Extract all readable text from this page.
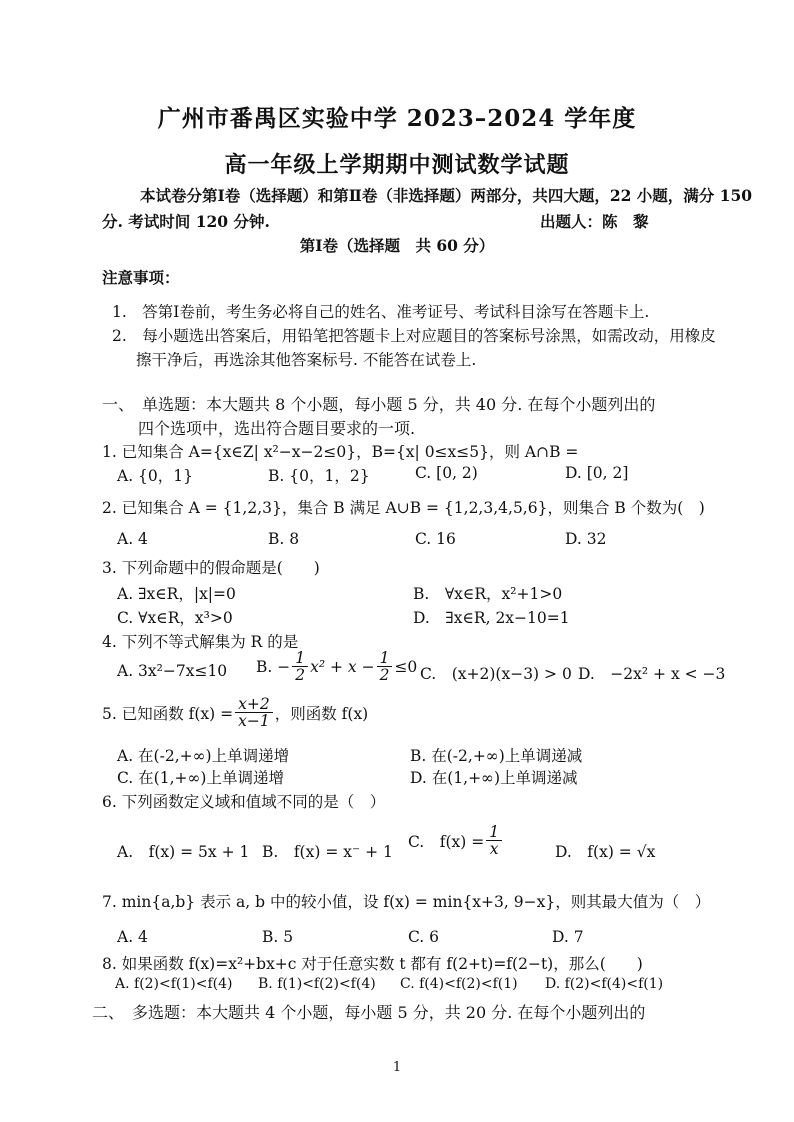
广州市番禺区实验中学 2023–2024 学年度
高一年级上学期期中测试数学试题
本试卷分第Ⅰ卷（选择题）和第Ⅱ卷（非选择题）两部分，共四大题，22 小题，满分 150
分. 考试时间 120 分钟.	出题人：陈　黎
第Ⅰ卷（选择题　共 60 分）
注意事项：
1.　答第Ⅰ卷前，考生务必将自己的姓名、准考证号、考试科目涂写在答题卡上.
2.　每小题选出答案后，用铅笔把答题卡上对应题目的答案标号涂黑，如需改动，用橡皮
擦干净后，再选涂其他答案标号. 不能答在试卷上.
一、　单选题：本大题共 8 个小题，每小题 5 分，共 40 分. 在每个小题列出的
四个选项中，选出符合题目要求的一项.
1. 已知集合 A={x∈Z| x²−x−2≤0}，B={x| 0≤x≤5}，则 A∩B =
A. {0，1}	B. {0，1，2}	C. [0, 2)	D. [0, 2]
2. 已知集合 A = {1,2,3}，集合 B 满足 A∪B = {1,2,3,4,5,6}，则集合 B 个数为(　)
A. 4	B. 8	C. 16	D. 32
3. 下列命题中的假命题是(　　)
A. ∃x∈R，|x|=0	B.　∀x∈R，x²+1>0
C. ∀x∈R，x³>0	D.　∃x∈R, 2x−10=1
4. 下列不等式解集为 R 的是
A. 3x²−7x≤10 B. − $\frac{1}{2} x^2 + x - \frac{1}{2} \le 0$ C.　(x+2)(x−3) > 0 D.　−2x² + x < −3
5. 已知函数 $f(x) = \frac{x+2}{x-1}$ ，则函数 f(x)
A. 在(-2,+∞)上单调递增	B. 在(-2,+∞)上单调递减
C. 在(1,+∞)上单调递增	D. 在(1,+∞)上单调递减
6. 下列函数定义域和值域不同的是（　）
A.　f(x) = 5x + 1 B.　f(x) = x⁻ + 1
C.　$f(x) = \frac{1}{x}$	D.　f(x) = √x
7. min{a,b} 表示 a, b 中的较小值，设 f(x) = min{x+3, 9−x}，则其最大值为（　）
A. 4	B. 5	C. 6	D. 7
8. 如果函数 f(x)=x²+bx+c 对于任意实数 t 都有 f(2+t)=f(2−t)，那么(　　)
A. f(2)<f(1)<f(4) B. f(1)<f(2)<f(4) C. f(4)<f(2)<f(1) D. f(2)<f(4)<f(1)
二、　多选题：本大题共 4 个小题，每小题 5 分，共 20 分. 在每个小题列出的
1
